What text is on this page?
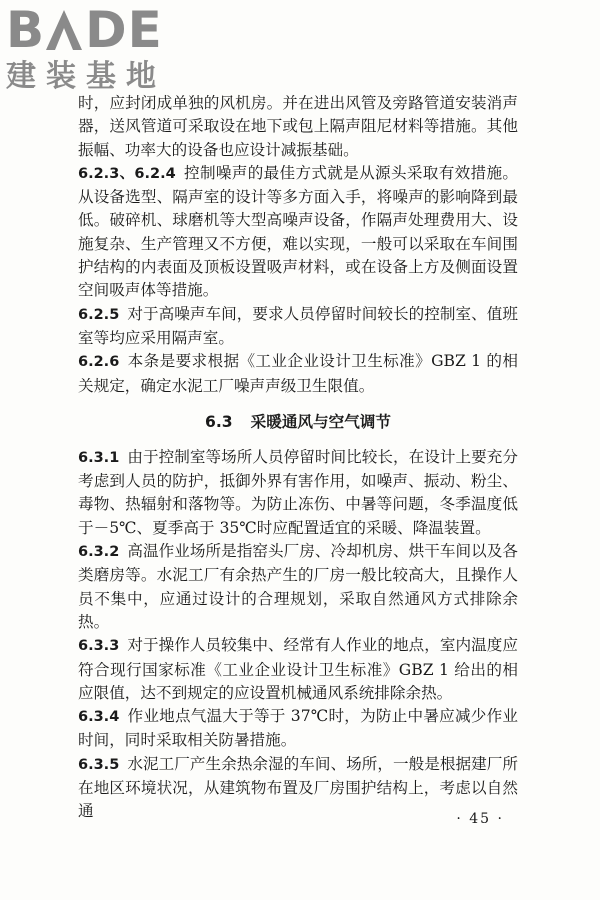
B DE
建装基地

时，应封闭成单独的风机房。并在进出风管及旁路管道安装消声器，送风管道可采取设在地下或包上隔声阻尼材料等措施。其他振幅、功率大的设备也应设计减振基础。

6.2.3、6.2.4 控制噪声的最佳方式就是从源头采取有效措施。从设备选型、隔声室的设计等多方面入手，将噪声的影响降到最低。破碎机、球磨机等大型高噪声设备，作隔声处理费用大、设施复杂、生产管理又不方便，难以实现，一般可以采取在车间围护结构的内表面及顶板设置吸声材料，或在设备上方及侧面设置空间吸声体等措施。

6.2.5 对于高噪声车间，要求人员停留时间较长的控制室、值班室等均应采用隔声室。

6.2.6 本条是要求根据《工业企业设计卫生标准》GBZ 1 的相关规定，确定水泥工厂噪声声级卫生限值。

6.3 采暖通风与空气调节

6.3.1 由于控制室等场所人员停留时间比较长，在设计上要充分考虑到人员的防护，抵御外界有害作用，如噪声、振动、粉尘、毒物、热辐射和落物等。为防止冻伤、中暑等问题，冬季温度低于－5℃、夏季高于 35℃时应配置适宜的采暖、降温装置。

6.3.2 高温作业场所是指窑头厂房、冷却机房、烘干车间以及各类磨房等。水泥工厂有余热产生的厂房一般比较高大，且操作人员不集中，应通过设计的合理规划，采取自然通风方式排除余热。

6.3.3 对于操作人员较集中、经常有人作业的地点，室内温度应符合现行国家标准《工业企业设计卫生标准》GBZ 1 给出的相应限值，达不到规定的应设置机械通风系统排除余热。

6.3.4 作业地点气温大于等于 37℃时，为防止中暑应减少作业时间，同时采取相关防暑措施。

6.3.5 水泥工厂产生余热余湿的车间、场所，一般是根据建厂所在地区环境状况，从建筑物布置及厂房围护结构上，考虑以自然通	· 45 ·
